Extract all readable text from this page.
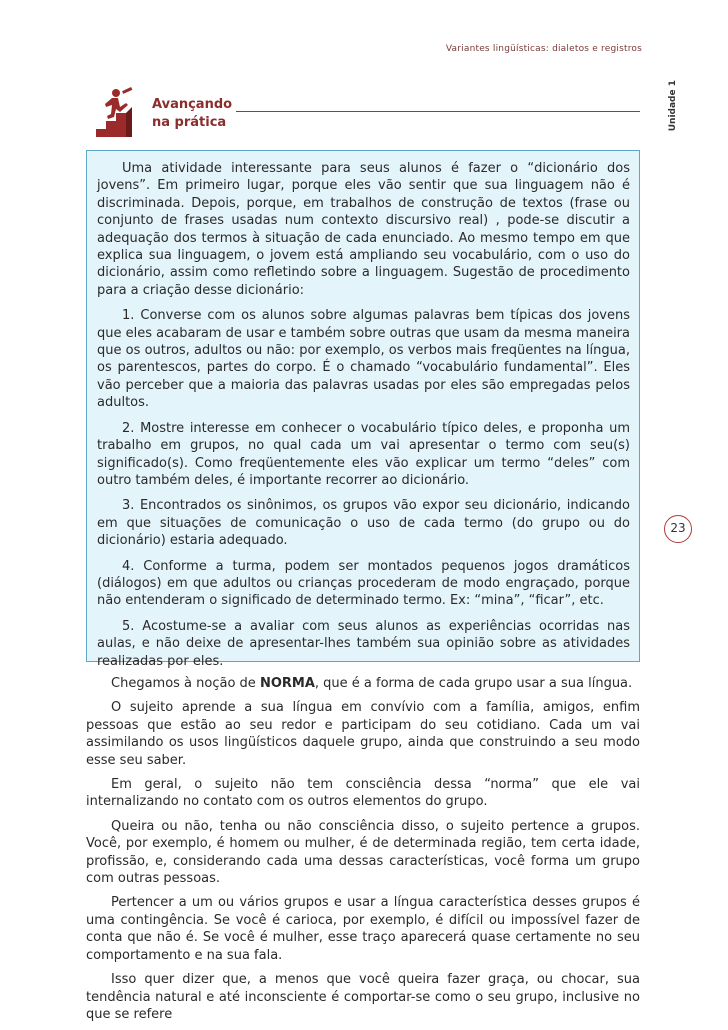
Variantes lingüísticas: dialetos e registros
Unidade 1
23
Avançando
na prática

Uma atividade interessante para seus alunos é fazer o “dicionário dos jovens”. Em primeiro lugar, porque eles vão sentir que sua linguagem não é discriminada. Depois, porque, em trabalhos de construção de textos (frase ou conjunto de frases usadas num contexto discursivo real) , pode-se discutir a adequação dos termos à situação de cada enunciado. Ao mesmo tempo em que explica sua linguagem, o jovem está ampliando seu vocabulário, com o uso do dicionário, assim como refletindo sobre a linguagem. Sugestão de procedimento para a criação desse dicionário:

1. Converse com os alunos sobre algumas palavras bem típicas dos jovens que eles acabaram de usar e também sobre outras que usam da mesma maneira que os outros, adultos ou não: por exemplo, os verbos mais freqüentes na língua, os parentescos, partes do corpo. É o chamado “vocabulário fundamental”. Eles vão perceber que a maioria das palavras usadas por eles são empregadas pelos adultos.

2. Mostre interesse em conhecer o vocabulário típico deles, e proponha um trabalho em grupos, no qual cada um vai apresentar o termo com seu(s) significado(s). Como freqüentemente eles vão explicar um termo “deles” com outro também deles, é importante recorrer ao dicionário.

3. Encontrados os sinônimos, os grupos vão expor seu dicionário, indicando em que situações de comunicação o uso de cada termo (do grupo ou do dicionário) estaria adequado.

4. Conforme a turma, podem ser montados pequenos jogos dramáticos (diálogos) em que adultos ou crianças procederam de modo engraçado, porque não entenderam o significado de determinado termo. Ex: “mina”, “ficar”, etc.

5. Acostume-se a avaliar com seus alunos as experiências ocorridas nas aulas, e não deixe de apresentar-lhes também sua opinião sobre as atividades realizadas por eles.

Chegamos à noção de NORMA, que é a forma de cada grupo usar a sua língua.

O sujeito aprende a sua língua em convívio com a família, amigos, enfim pessoas que estão ao seu redor e participam do seu cotidiano. Cada um vai assimilando os usos lingüísticos daquele grupo, ainda que construindo a seu modo esse seu saber.

Em geral, o sujeito não tem consciência dessa “norma” que ele vai internalizando no contato com os outros elementos do grupo.

Queira ou não, tenha ou não consciência disso, o sujeito pertence a grupos. Você, por exemplo, é homem ou mulher, é de determinada região, tem certa idade, profissão, e, considerando cada uma dessas características, você forma um grupo com outras pessoas.

Pertencer a um ou vários grupos e usar a língua característica desses grupos é uma contingência. Se você é carioca, por exemplo, é difícil ou impossível fazer de conta que não é. Se você é mulher, esse traço aparecerá quase certamente no seu comportamento e na sua fala.

Isso quer dizer que, a menos que você queira fazer graça, ou chocar, sua tendência natural e até inconsciente é comportar-se como o seu grupo, inclusive no que se refere
